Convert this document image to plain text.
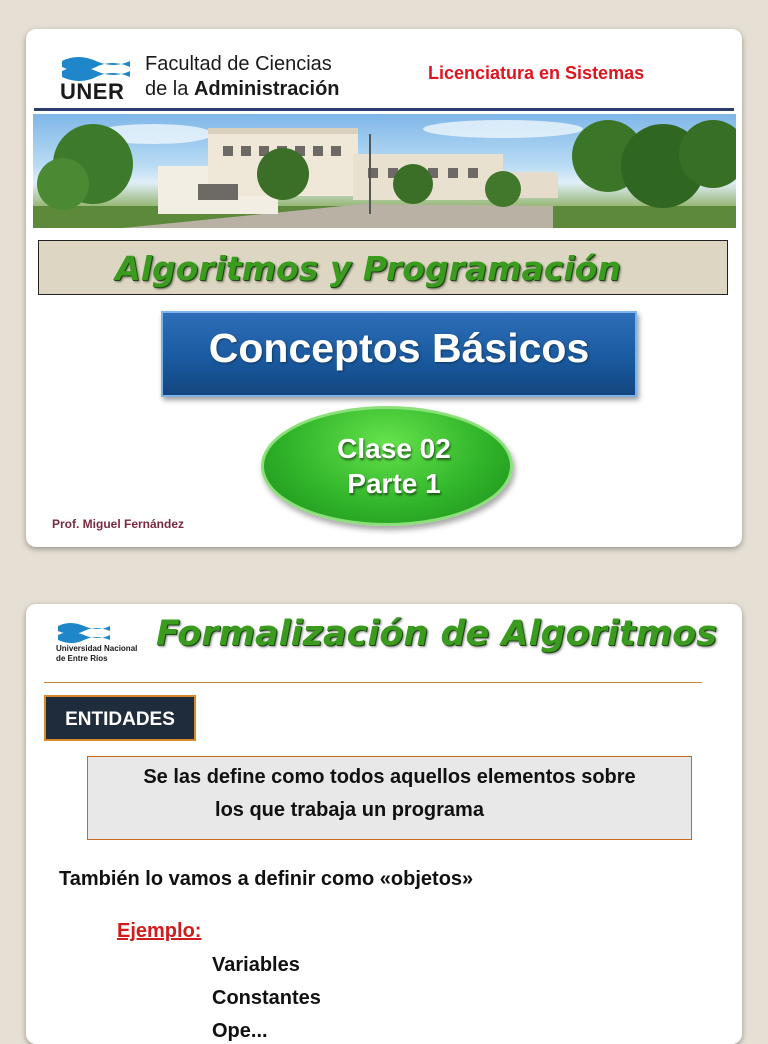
UNER
Facultad de Ciencias
de la Administración
Licenciatura en Sistemas
Algoritmos y Programación
Conceptos Básicos
Clase 02
Parte 1
Prof. Miguel Fernández
Universidad Nacional
de Entre Ríos
Formalización de Algoritmos
ENTIDADES
Se las define como todos aquellos elementos sobre
los que trabaja un programa
También lo vamos a definir como «objetos»
Ejemplo:
Variables
Constantes
Ope...
